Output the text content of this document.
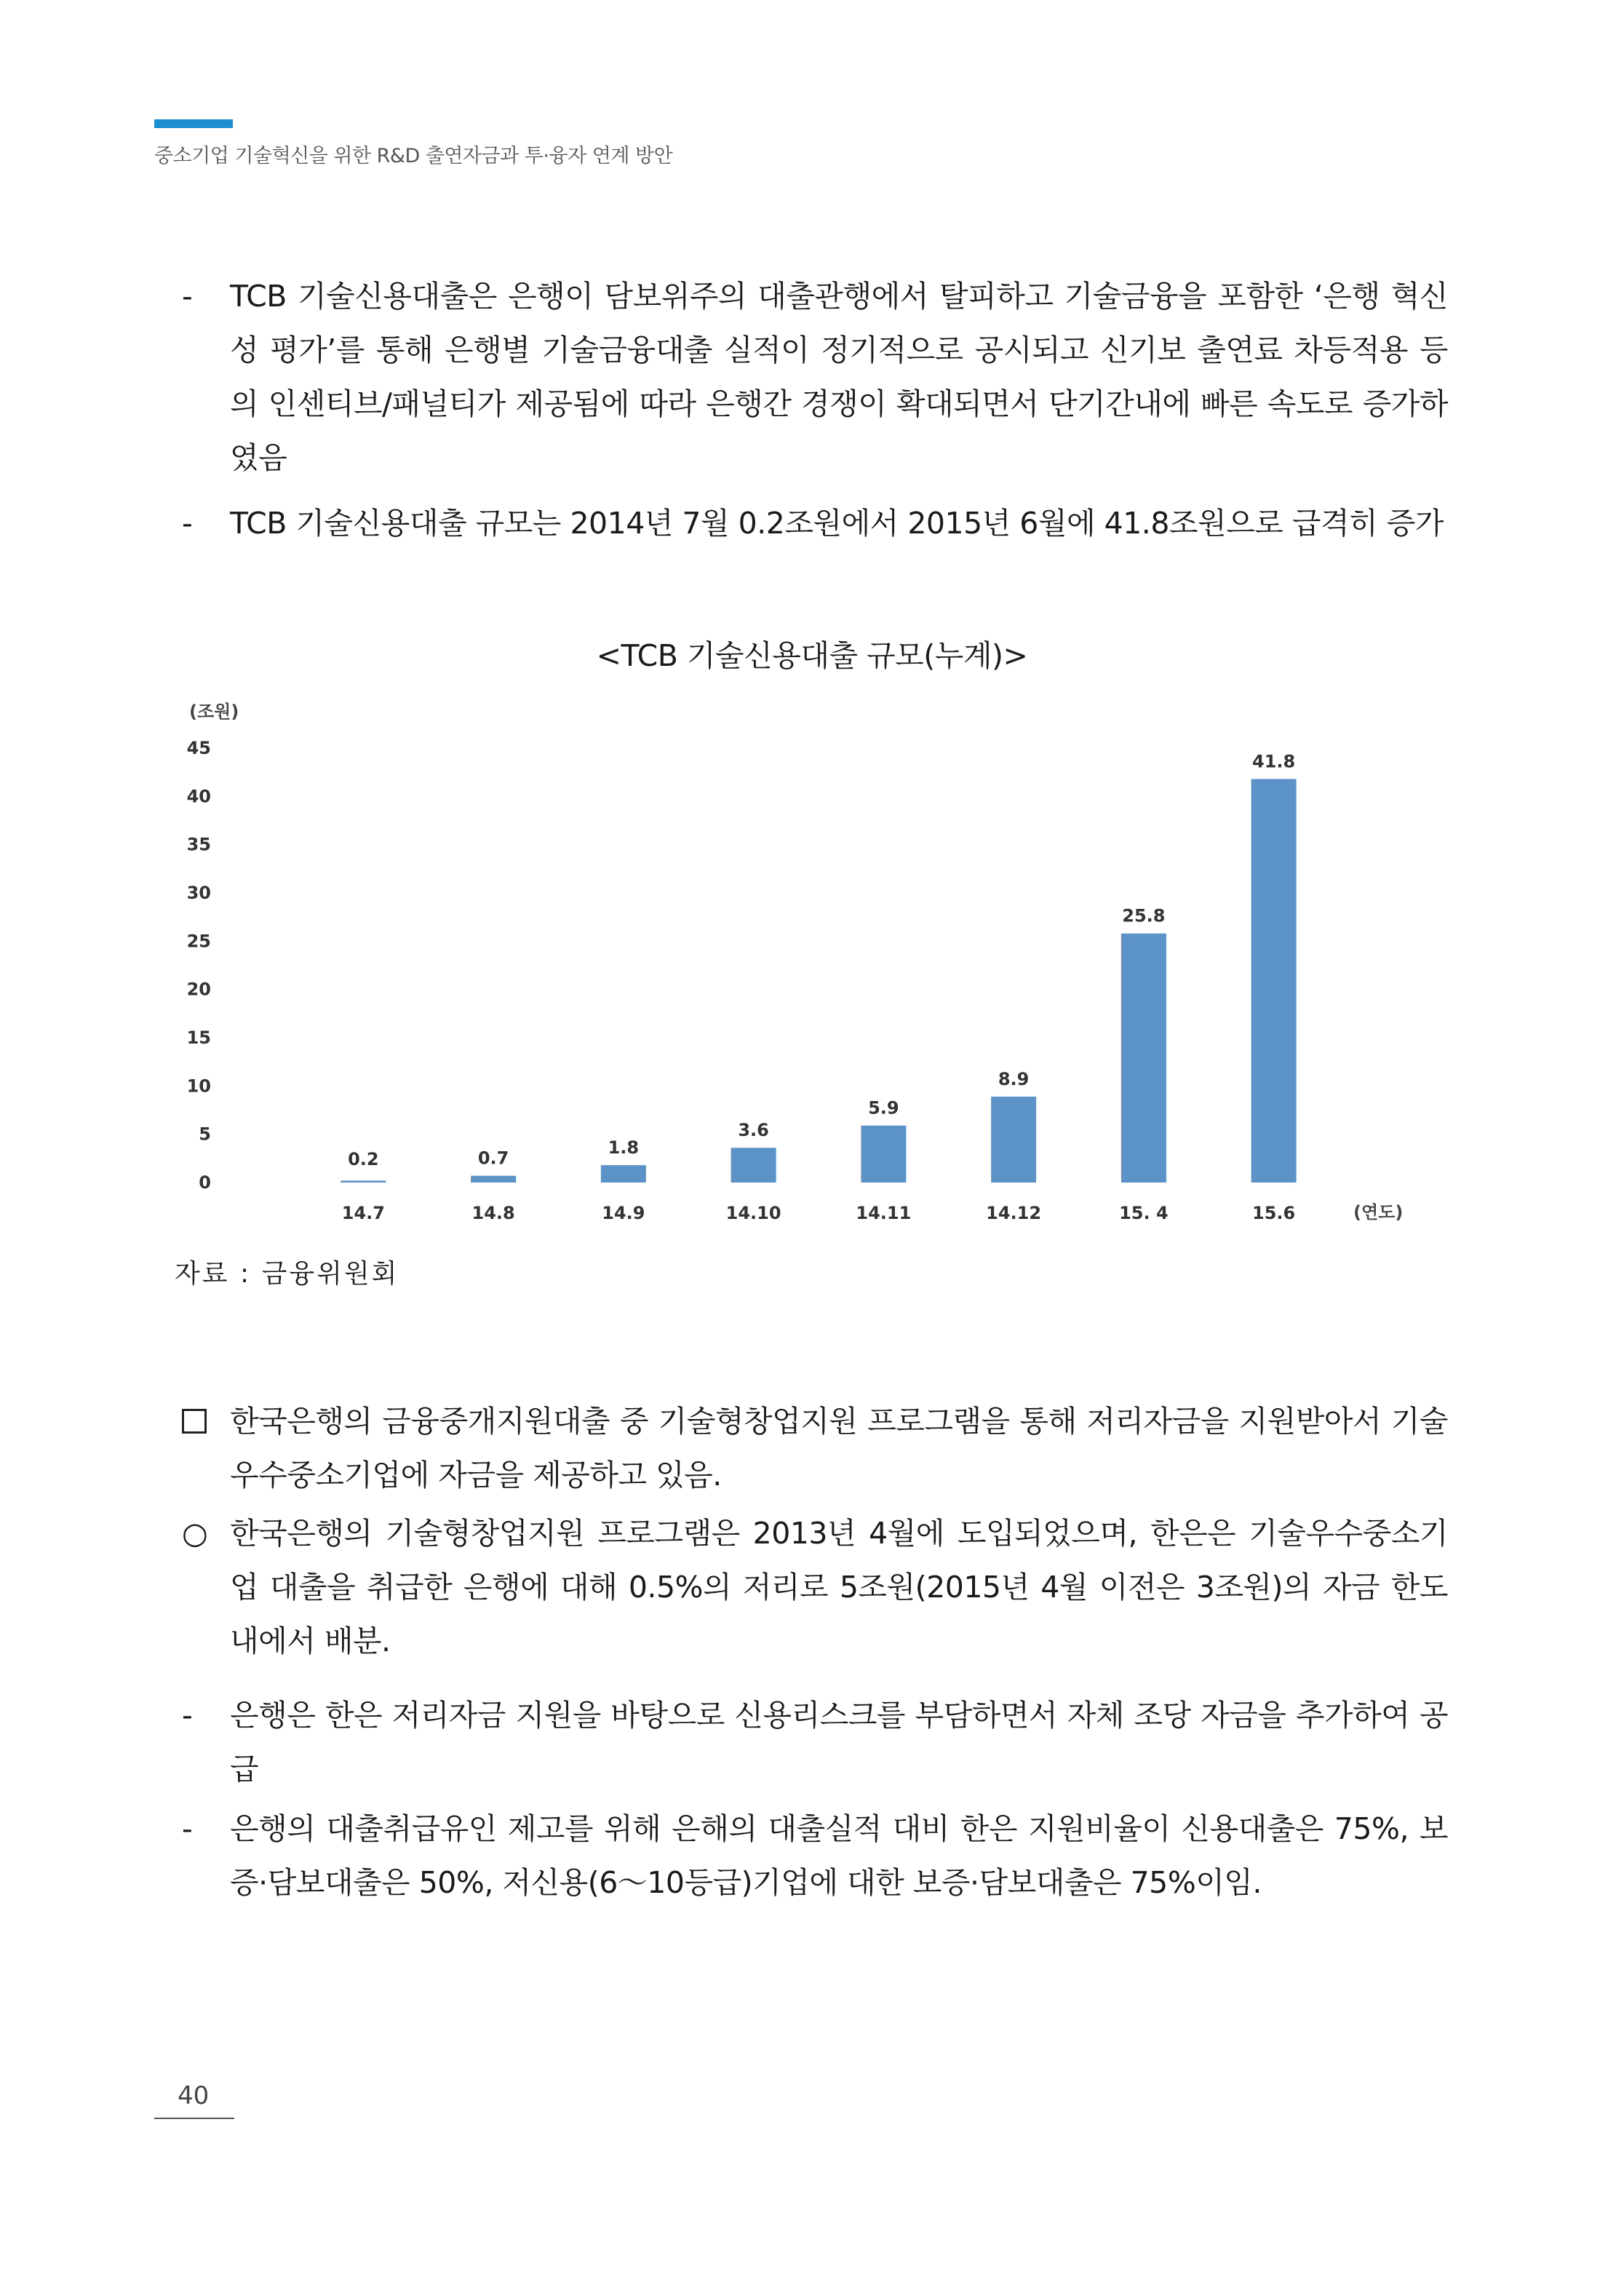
중소기업 기술혁신을 위한 R&D 출연자금과 투·융자 연계 방안
-	TCB 기술신용대출은 은행이 담보위주의 대출관행에서 탈피하고 기술금융을 포함한 ‘은행 혁신성 평가’를 통해 은행별 기술금융대출 실적이 정기적으로 공시되고 신기보 출연료 차등적용 등의 인센티브/패널티가 제공됨에 따라 은행간 경쟁이 확대되면서 단기간내에 빠른 속도로 증가하였음
-	TCB 기술신용대출 규모는 2014년 7월 0.2조원에서 2015년 6월에 41.8조원으로 급격히 증가
<TCB 기술신용대출 규모(누계)>
(조원)
0
5
10
15
20
25
30
35
40
45
0.2	0.7
1.8
3.6
5.9
8.9
25.8
41.8
14.7	14.8	14.9	14.10	14.11	14.12	15. 4	15.6	(연도)
자료 : 금융위원회
한국은행의 금융중개지원대출 중 기술형창업지원 프로그램을 통해 저리자금을 지원받아서 기술우수중소기업에 자금을 제공하고 있음.
○ 한국은행의 기술형창업지원 프로그램은 2013년 4월에 도입되었으며, 한은은 기술우수중소기업 대출을 취급한 은행에 대해 0.5%의 저리로 5조원(2015년 4월 이전은 3조원)의 자금 한도내에서 배분.
-	은행은 한은 저리자금 지원을 바탕으로 신용리스크를 부담하면서 자체 조당 자금을 추가하여 공급
-	은행의 대출취급유인 제고를 위해 은해의 대출실적 대비 한은 지원비율이 신용대출은 75%, 보증·담보대출은 50%, 저신용(6～10등급)기업에 대한 보증·담보대출은 75%이임.
40
